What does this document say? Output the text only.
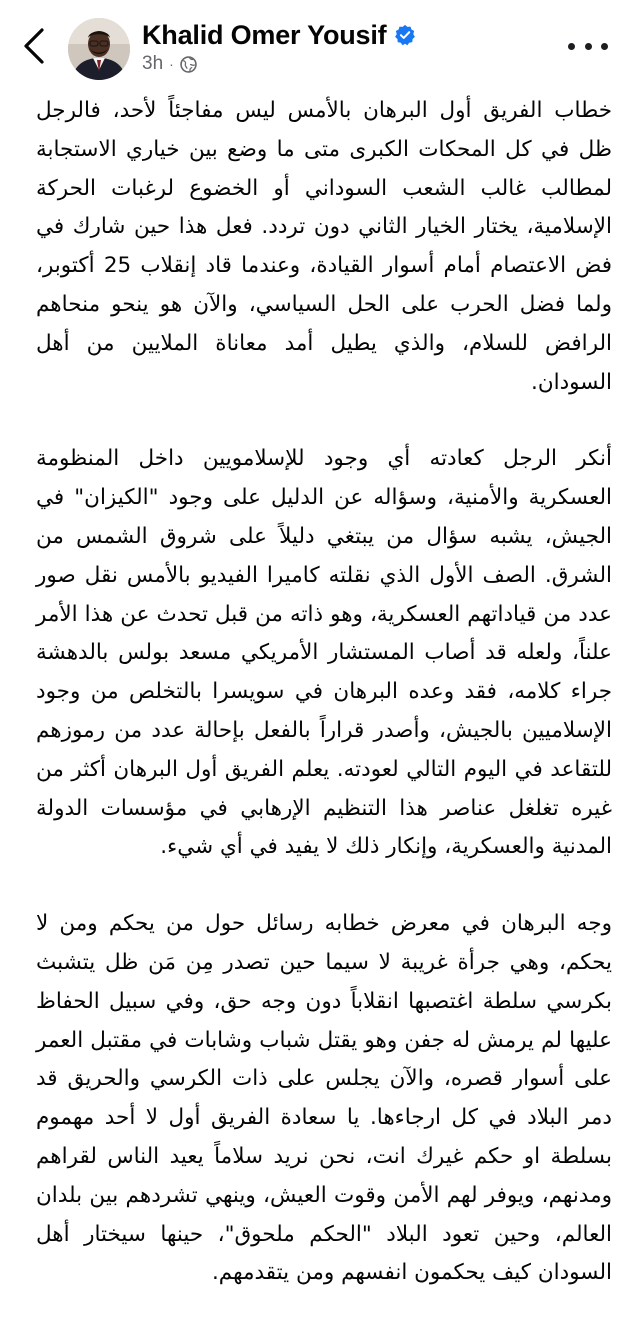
Khalid Omer Yousif
3h ·

خطاب الفريق أول البرهان بالأمس ليس مفاجئاً لأحد، فالرجل ظل في كل المحكات الكبرى متى ما وضع بين خياري الاستجابة لمطالب غالب الشعب السوداني أو الخضوع لرغبات الحركة الإسلامية، يختار الخيار الثاني دون تردد. فعل هذا حين شارك في فض الاعتصام أمام أسوار القيادة، وعندما قاد إنقلاب 25 أكتوبر، ولما فضل الحرب على الحل السياسي، والآن هو ينحو منحاهم الرافض للسلام، والذي يطيل أمد معاناة الملايين من أهل السودان.

أنكر الرجل كعادته أي وجود للإسلامويين داخل المنظومة العسكرية والأمنية، وسؤاله عن الدليل على وجود "الكيزان" في الجيش، يشبه سؤال من يبتغي دليلاً على شروق الشمس من الشرق. الصف الأول الذي نقلته كاميرا الفيديو بالأمس نقل صور عدد من قياداتهم العسكرية، وهو ذاته من قبل تحدث عن هذا الأمر علناً، ولعله قد أصاب المستشار الأمريكي مسعد بولس بالدهشة جراء كلامه، فقد وعده البرهان في سويسرا بالتخلص من وجود الإسلاميين بالجيش، وأصدر قراراً بالفعل بإحالة عدد من رموزهم للتقاعد في اليوم التالي لعودته. يعلم الفريق أول البرهان أكثر من غيره تغلغل عناصر هذا التنظيم الإرهابي في مؤسسات الدولة المدنية والعسكرية، وإنكار ذلك لا يفيد في أي شيء.

وجه البرهان في معرض خطابه رسائل حول من يحكم ومن لا يحكم، وهي جرأة غريبة لا سيما حين تصدر مِن مَن ظل يتشبث بكرسي سلطة اغتصبها انقلاباً دون وجه حق، وفي سبيل الحفاظ عليها لم يرمش له جفن وهو يقتل شباب وشابات في مقتبل العمر على أسوار قصره، والآن يجلس على ذات الكرسي والحريق قد دمر البلاد في كل ارجاءها. يا سعادة الفريق أول لا أحد مهموم بسلطة او حكم غيرك انت، نحن نريد سلاماً يعيد الناس لقراهم ومدنهم، ويوفر لهم الأمن وقوت العيش، وينهي تشردهم بين بلدان العالم، وحين تعود البلاد "الحكم ملحوق"، حينها سيختار أهل السودان كيف يحكمون انفسهم ومن يتقدمهم.
